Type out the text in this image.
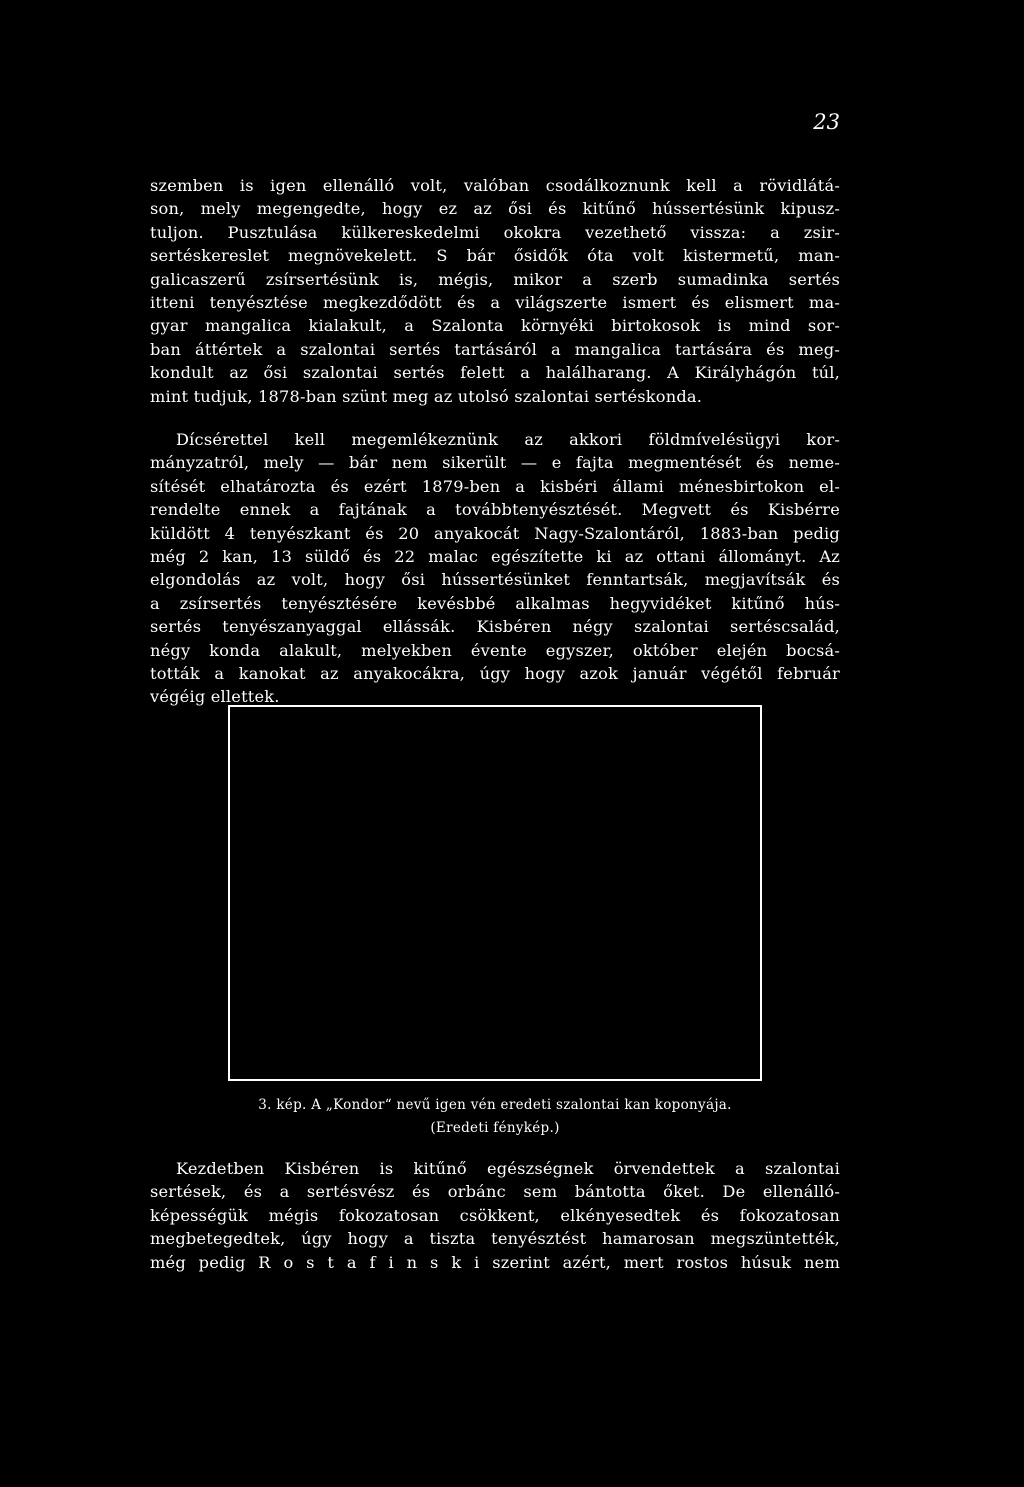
23
szemben is igen ellenálló volt, valóban csodálkoznunk kell a rövidlátá-
son, mely megengedte, hogy ez az ősi és kitűnő hússertésünk kipusz-
tuljon. Pusztulása külkereskedelmi okokra vezethető vissza: a zsir-
sertéskereslet megnövekelett. S bár ősidők óta volt kistermetű, man-
galicaszerű zsírsertésünk is, mégis, mikor a szerb sumadinka sertés
itteni tenyésztése megkezdődött és a világszerte ismert és elismert ma-
gyar mangalica kialakult, a Szalonta környéki birtokosok is mind sor-
ban áttértek a szalontai sertés tartásáról a mangalica tartására és meg-
kondult az ősi szalontai sertés felett a halálharang. A Királyhágón túl,
mint tudjuk, 1878-ban szünt meg az utolsó szalontai sertéskonda.
Dícsérettel kell megemlékeznünk az akkori földmívelésügyi kor-
mányzatról, mely — bár nem sikerült — e fajta megmentését és neme-
sítését elhatározta és ezért 1879-ben a kisbéri állami ménesbirtokon el-
rendelte ennek a fajtának a továbbtenyésztését. Megvett és Kisbérre
küldött 4 tenyészkant és 20 anyakocát Nagy-Szalontáról, 1883-ban pedig
még 2 kan, 13 süldő és 22 malac egészítette ki az ottani állományt. Az
elgondolás az volt, hogy ősi hússertésünket fenntartsák, megjavítsák és
a zsírsertés tenyésztésére kevésbbé alkalmas hegyvidéket kitűnő hús-
sertés tenyészanyaggal ellássák. Kisbéren négy szalontai sertéscsalád,
négy konda alakult, melyekben évente egyszer, október elején bocsá-
tották a kanokat az anyakocákra, úgy hogy azok január végétől február
végéig ellettek.

3. kép. A „Kondor“ nevű igen vén eredeti szalontai kan koponyája.

(Eredeti fénykép.)

Kezdetben Kisbéren is kitűnő egészségnek örvendettek a szalontai
sertések, és a sertésvész és orbánc sem bántotta őket. De ellenálló-
képességük mégis fokozatosan csökkent, elkényesedtek és fokozatosan
megbetegedtek, úgy hogy a tiszta tenyésztést hamarosan megszüntették,
még pedig R o s t a f i n s k i szerint azért, mert rostos húsuk nem
